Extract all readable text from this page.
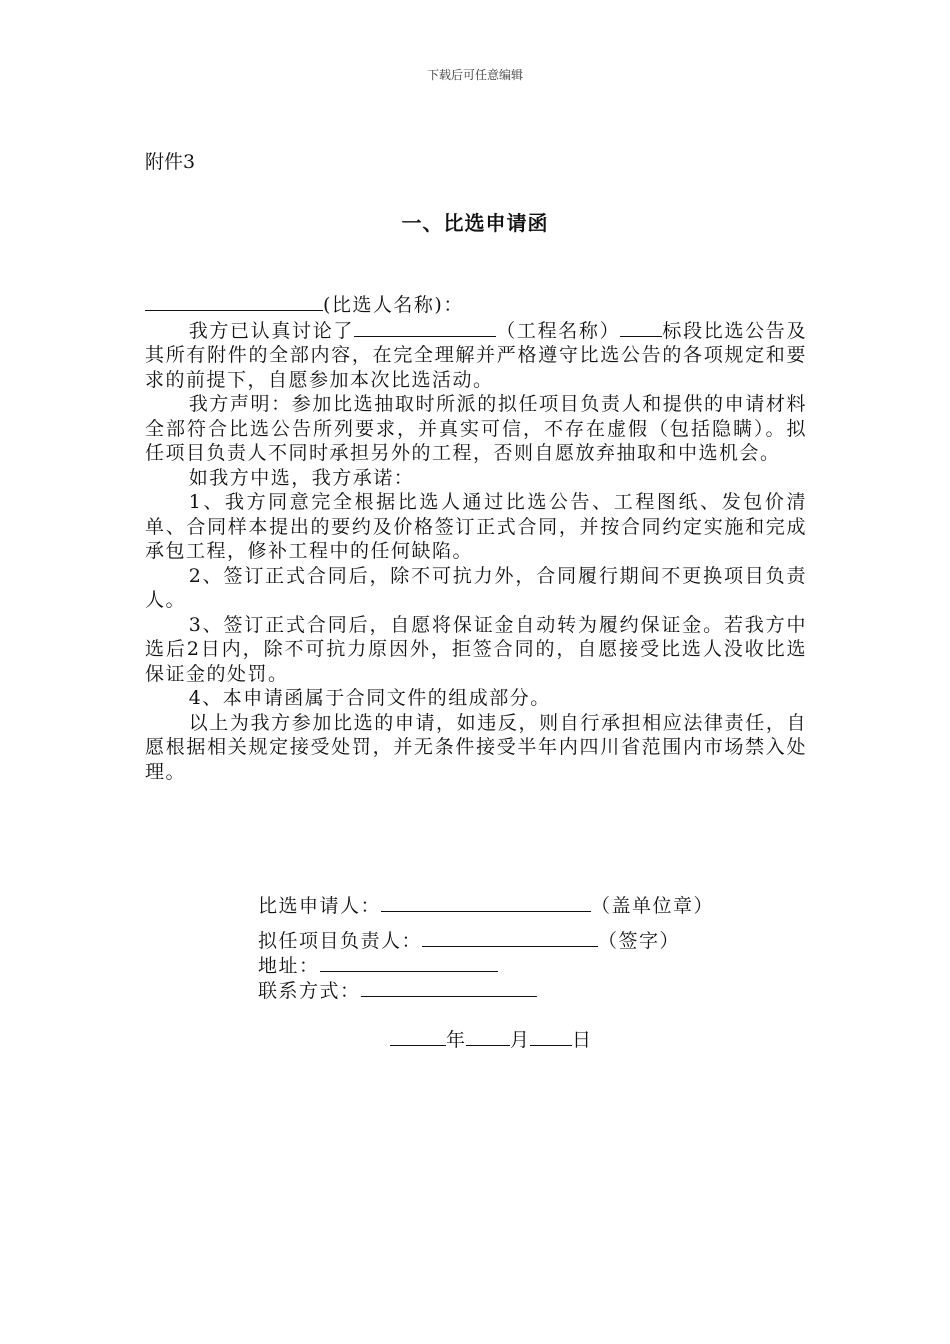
下载后可任意编辑
附件3
一、比选申请函

(比选人名称)：

我方已认真讨论了	（工程名称） 标段比选公告及其所有附件的全部内容，在完全理解并严格遵守比选公告的各项规定和要求的前提下，自愿参加本次比选活动。

我方声明：参加比选抽取时所派的拟任项目负责人和提供的申请材料全部符合比选公告所列要求，并真实可信，不存在虚假（包括隐瞒）。拟任项目负责人不同时承担另外的工程，否则自愿放弃抽取和中选机会。

如我方中选，我方承诺：

1、我方同意完全根据比选人通过比选公告、工程图纸、发包价清单、合同样本提出的要约及价格签订正式合同，并按合同约定实施和完成承包工程，修补工程中的任何缺陷。

2、签订正式合同后，除不可抗力外，合同履行期间不更换项目负责人。

3、签订正式合同后，自愿将保证金自动转为履约保证金。若我方中选后2日内，除不可抗力原因外，拒签合同的，自愿接受比选人没收比选保证金的处罚。

4、本申请函属于合同文件的组成部分。

以上为我方参加比选的申请，如违反，则自行承担相应法律责任，自愿根据相关规定接受处罚，并无条件接受半年内四川省范围内市场禁入处理。

比选申请人：	（盖单位章）
拟任项目负责人：	（签字）
地址：
联系方式：
年 月 日
